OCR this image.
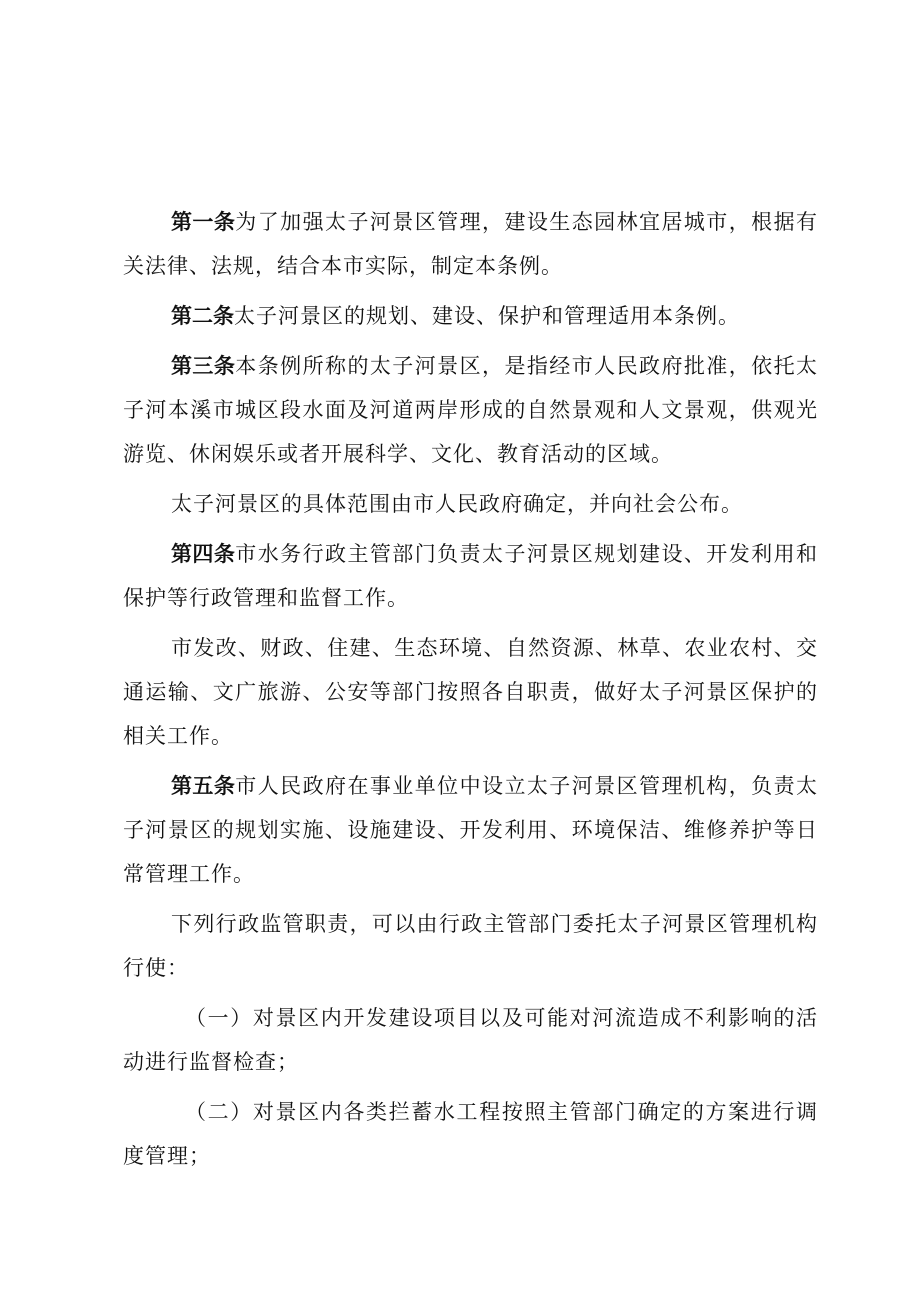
第一条为了加强太子河景区管理，建设生态园林宜居城市，根据有关法律、法规，结合本市实际，制定本条例。

第二条太子河景区的规划、建设、保护和管理适用本条例。

第三条本条例所称的太子河景区，是指经市人民政府批准，依托太子河本溪市城区段水面及河道两岸形成的自然景观和人文景观，供观光游览、休闲娱乐或者开展科学、文化、教育活动的区域。

太子河景区的具体范围由市人民政府确定，并向社会公布。

第四条市水务行政主管部门负责太子河景区规划建设、开发利用和保护等行政管理和监督工作。

市发改、财政、住建、生态环境、自然资源、林草、农业农村、交通运输、文广旅游、公安等部门按照各自职责，做好太子河景区保护的相关工作。

第五条市人民政府在事业单位中设立太子河景区管理机构，负责太子河景区的规划实施、设施建设、开发利用、环境保洁、维修养护等日常管理工作。

下列行政监管职责，可以由行政主管部门委托太子河景区管理机构行使：

（一）对景区内开发建设项目以及可能对河流造成不利影响的活动进行监督检查；

（二）对景区内各类拦蓄水工程按照主管部门确定的方案进行调度管理；
